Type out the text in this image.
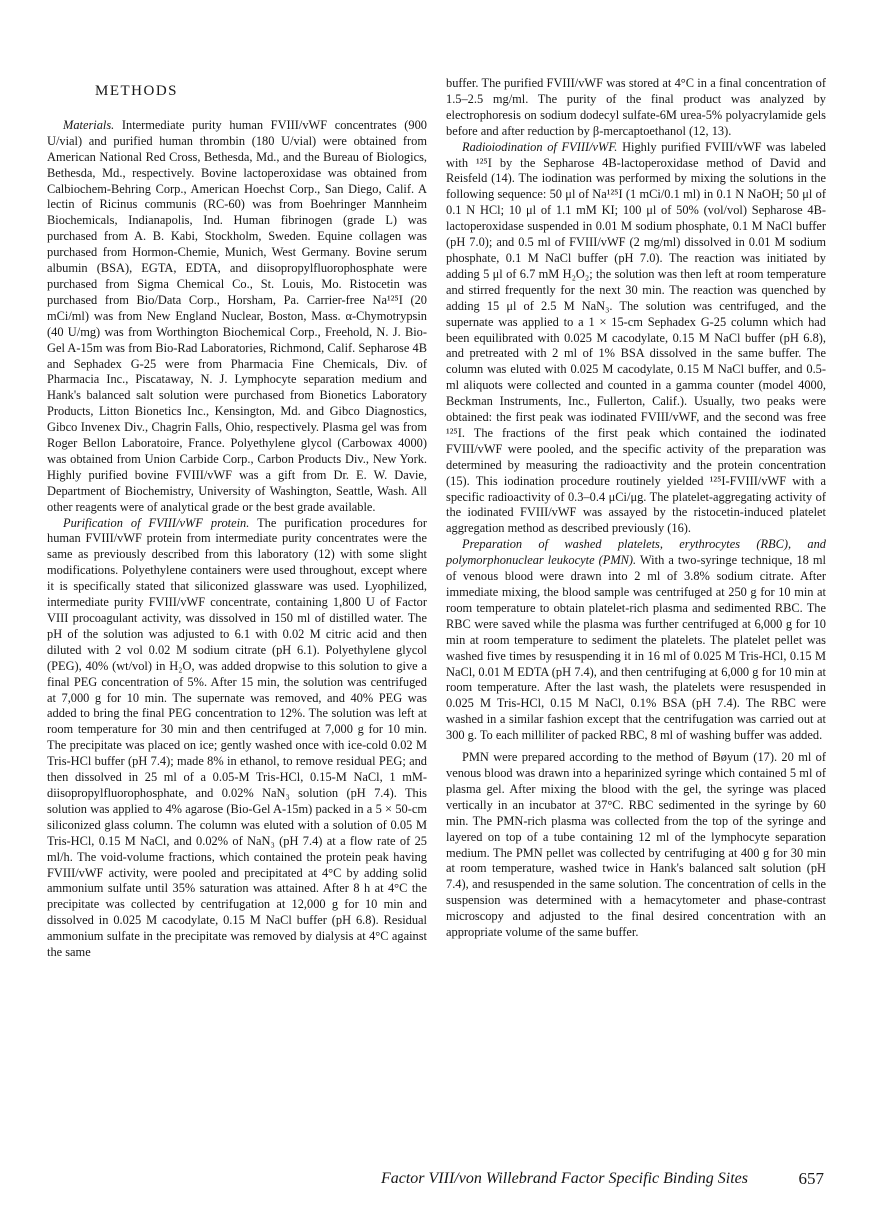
METHODS

Materials. Intermediate purity human FVIII/vWF concentrates (900 U/vial) and purified human thrombin (180 U/vial) were obtained from American National Red Cross, Bethesda, Md., and the Bureau of Biologics, Bethesda, Md., respectively. Bovine lactoperoxidase was obtained from Calbiochem-Behring Corp., American Hoechst Corp., San Diego, Calif. A lectin of Ricinus communis (RC-60) was from Boehringer Mannheim Biochemicals, Indianapolis, Ind. Human fibrinogen (grade L) was purchased from A. B. Kabi, Stockholm, Sweden. Equine collagen was purchased from Hormon-Chemie, Munich, West Germany. Bovine serum albumin (BSA), EGTA, EDTA, and diisopropylfluorophosphate were purchased from Sigma Chemical Co., St. Louis, Mo. Ristocetin was purchased from Bio/Data Corp., Horsham, Pa. Carrier-free Na¹²⁵I (20 mCi/ml) was from New England Nuclear, Boston, Mass. α-Chymotrypsin (40 U/mg) was from Worthington Biochemical Corp., Freehold, N. J. Bio-Gel A-15m was from Bio-Rad Laboratories, Richmond, Calif. Sepharose 4B and Sephadex G-25 were from Pharmacia Fine Chemicals, Div. of Pharmacia Inc., Piscataway, N. J. Lymphocyte separation medium and Hank's balanced salt solution were purchased from Bionetics Laboratory Products, Litton Bionetics Inc., Kensington, Md. and Gibco Diagnostics, Gibco Invenex Div., Chagrin Falls, Ohio, respectively. Plasma gel was from Roger Bellon Laboratoire, France. Polyethylene glycol (Carbowax 4000) was obtained from Union Carbide Corp., Carbon Products Div., New York. Highly purified bovine FVIII/vWF was a gift from Dr. E. W. Davie, Department of Biochemistry, University of Washington, Seattle, Wash. All other reagents were of analytical grade or the best grade available.

Purification of FVIII/vWF protein. The purification procedures for human FVIII/vWF protein from intermediate purity concentrates were the same as previously described from this laboratory (12) with some slight modifications. Polyethylene containers were used throughout, except where it is specifically stated that siliconized glassware was used. Lyophilized, intermediate purity FVIII/vWF concentrate, containing 1,800 U of Factor VIII procoagulant activity, was dissolved in 150 ml of distilled water. The pH of the solution was adjusted to 6.1 with 0.02 M citric acid and then diluted with 2 vol 0.02 M sodium citrate (pH 6.1). Polyethylene glycol (PEG), 40% (wt/vol) in H₂O, was added dropwise to this solution to give a final PEG concentration of 5%. After 15 min, the solution was centrifuged at 7,000 g for 10 min. The supernate was removed, and 40% PEG was added to bring the final PEG concentration to 12%. The solution was left at room temperature for 30 min and then centrifuged at 7,000 g for 10 min. The precipitate was placed on ice; gently washed once with ice-cold 0.02 M Tris-HCl buffer (pH 7.4); made 8% in ethanol, to remove residual PEG; and then dissolved in 25 ml of a 0.05-M Tris-HCl, 0.15-M NaCl, 1 mM-diisopropylfluorophosphate, and 0.02% NaN₃ solution (pH 7.4). This solution was applied to 4% agarose (Bio-Gel A-15m) packed in a 5 × 50-cm siliconized glass column. The column was eluted with a solution of 0.05 M Tris-HCl, 0.15 M NaCl, and 0.02% of NaN₃ (pH 7.4) at a flow rate of 25 ml/h. The void-volume fractions, which contained the protein peak having FVIII/vWF activity, were pooled and precipitated at 4°C by adding solid ammonium sulfate until 35% saturation was attained. After 8 h at 4°C the precipitate was collected by centrifugation at 12,000 g for 10 min and dissolved in 0.025 M cacodylate, 0.15 M NaCl buffer (pH 6.8). Residual ammonium sulfate in the precipitate was removed by dialysis at 4°C against the same

buffer. The purified FVIII/vWF was stored at 4°C in a final concentration of 1.5–2.5 mg/ml. The purity of the final product was analyzed by electrophoresis on sodium dodecyl sulfate-6M urea-5% polyacrylamide gels before and after reduction by β-mercaptoethanol (12, 13).

Radioiodination of FVIII/vWF. Highly purified FVIII/vWF was labeled with ¹²⁵I by the Sepharose 4B-lactoperoxidase method of David and Reisfeld (14). The iodination was performed by mixing the solutions in the following sequence: 50 μl of Na¹²⁵I (1 mCi/0.1 ml) in 0.1 N NaOH; 50 μl of 0.1 N HCl; 10 μl of 1.1 mM KI; 100 μl of 50% (vol/vol) Sepharose 4B-lactoperoxidase suspended in 0.01 M sodium phosphate, 0.1 M NaCl buffer (pH 7.0); and 0.5 ml of FVIII/vWF (2 mg/ml) dissolved in 0.01 M sodium phosphate, 0.1 M NaCl buffer (pH 7.0). The reaction was initiated by adding 5 μl of 6.7 mM H₂O₂; the solution was then left at room temperature and stirred frequently for the next 30 min. The reaction was quenched by adding 15 μl of 2.5 M NaN₃. The solution was centrifuged, and the supernate was applied to a 1 × 15-cm Sephadex G-25 column which had been equilibrated with 0.025 M cacodylate, 0.15 M NaCl buffer (pH 6.8), and pretreated with 2 ml of 1% BSA dissolved in the same buffer. The column was eluted with 0.025 M cacodylate, 0.15 M NaCl buffer, and 0.5-ml aliquots were collected and counted in a gamma counter (model 4000, Beckman Instruments, Inc., Fullerton, Calif.). Usually, two peaks were obtained: the first peak was iodinated FVIII/vWF, and the second was free ¹²⁵I. The fractions of the first peak which contained the iodinated FVIII/vWF were pooled, and the specific activity of the preparation was determined by measuring the radioactivity and the protein concentration (15). This iodination procedure routinely yielded ¹²⁵I-FVIII/vWF with a specific radioactivity of 0.3–0.4 μCi/μg. The platelet-aggregating activity of the iodinated FVIII/vWF was assayed by the ristocetin-induced platelet aggregation method as described previously (16).

Preparation of washed platelets, erythrocytes (RBC), and polymorphonuclear leukocyte (PMN). With a two-syringe technique, 18 ml of venous blood were drawn into 2 ml of 3.8% sodium citrate. After immediate mixing, the blood sample was centrifuged at 250 g for 10 min at room temperature to obtain platelet-rich plasma and sedimented RBC. The RBC were saved while the plasma was further centrifuged at 6,000 g for 10 min at room temperature to sediment the platelets. The platelet pellet was washed five times by resuspending it in 16 ml of 0.025 M Tris-HCl, 0.15 M NaCl, 0.01 M EDTA (pH 7.4), and then centrifuging at 6,000 g for 10 min at room temperature. After the last wash, the platelets were resuspended in 0.025 M Tris-HCl, 0.15 M NaCl, 0.1% BSA (pH 7.4). The RBC were washed in a similar fashion except that the centrifugation was carried out at 300 g. To each milliliter of packed RBC, 8 ml of washing buffer was added.

PMN were prepared according to the method of Bøyum (17). 20 ml of venous blood was drawn into a heparinized syringe which contained 5 ml of plasma gel. After mixing the blood with the gel, the syringe was placed vertically in an incubator at 37°C. RBC sedimented in the syringe by 60 min. The PMN-rich plasma was collected from the top of the syringe and layered on top of a tube containing 12 ml of the lymphocyte separation medium. The PMN pellet was collected by centrifuging at 400 g for 30 min at room temperature, washed twice in Hank's balanced salt solution (pH 7.4), and resuspended in the same solution. The concentration of cells in the suspension was determined with a hemacytometer and phase-contrast microscopy and adjusted to the final desired concentration with an appropriate volume of the same buffer.

Factor VIII/von Willebrand Factor Specific Binding Sites	657
